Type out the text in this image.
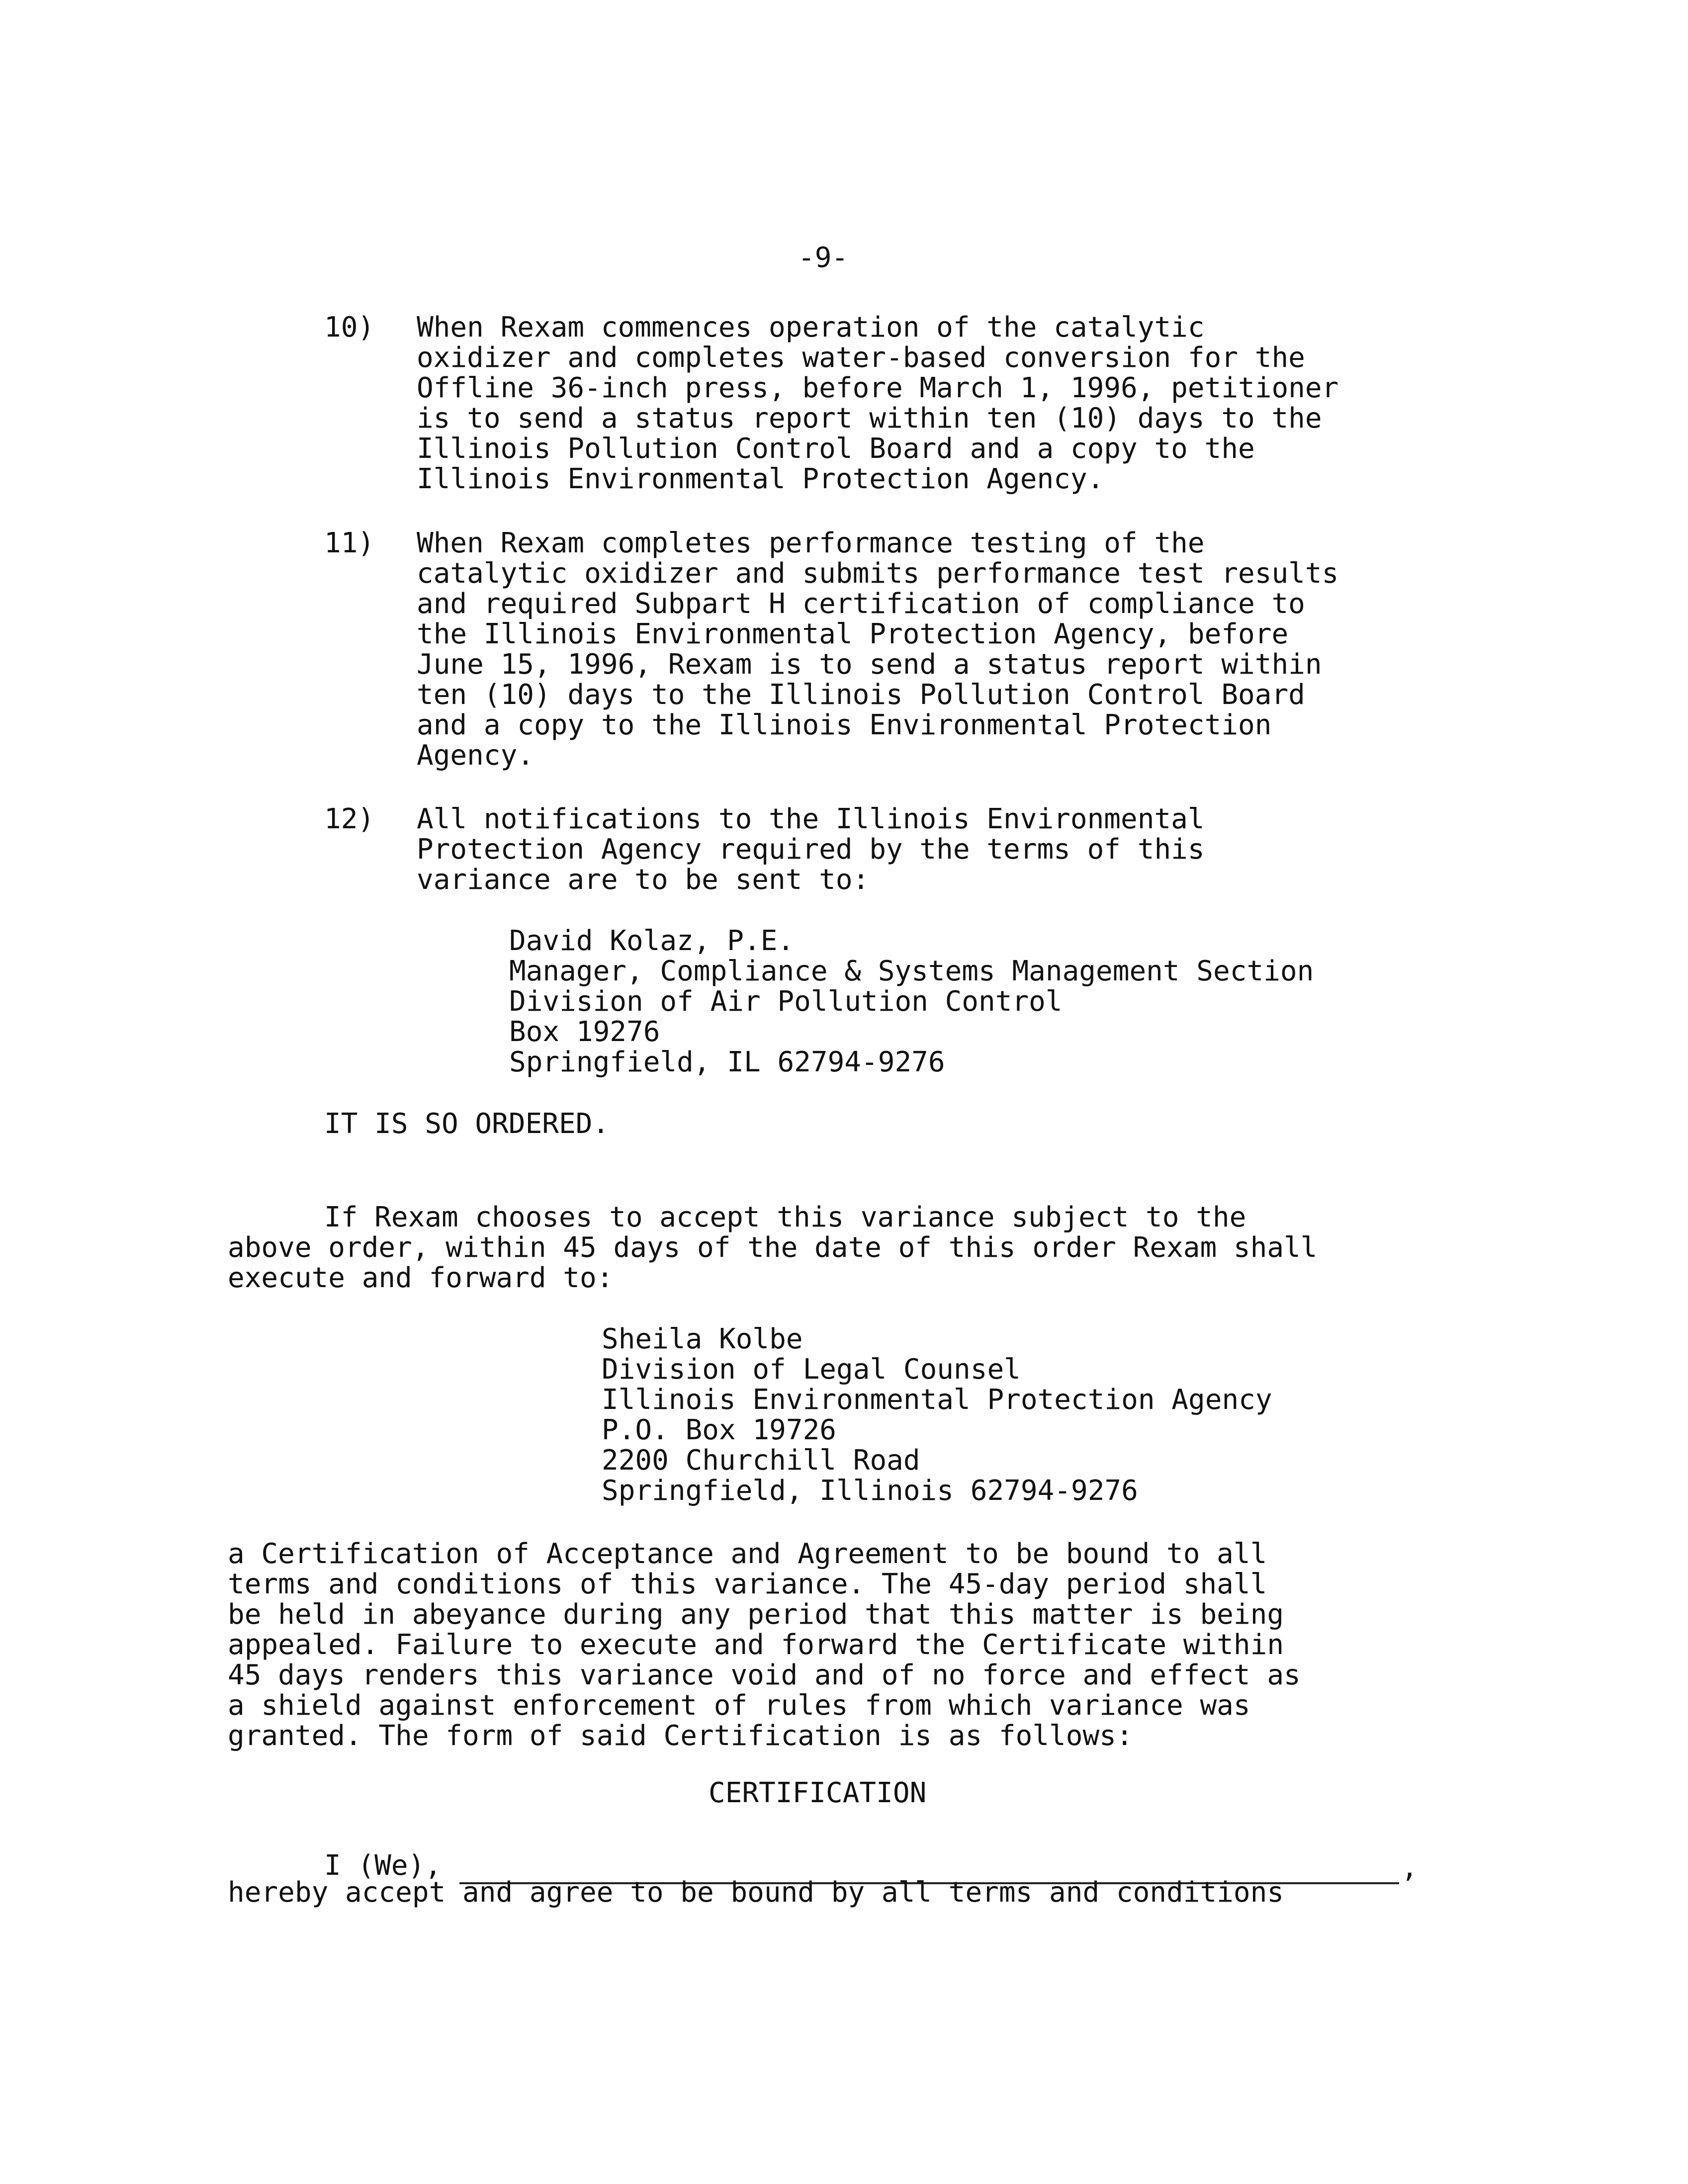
-9-
10) When Rexam commences operation of the catalytic
oxidizer and completes water-based conversion for the
Offline 36-inch press, before March 1, 1996, petitioner
is to send a status report within ten (10) days to the
Illinois Pollution Control Board and a copy to the
Illinois Environmental Protection Agency.
11) When Rexam completes performance testing of the
catalytic oxidizer and submits performance test results
and required Subpart H certification of compliance to
the Illinois Environmental Protection Agency, before
June 15, 1996, Rexam is to send a status report within
ten (10) days to the Illinois Pollution Control Board
and a copy to the Illinois Environmental Protection
Agency.
12) All notifications to the Illinois Environmental
Protection Agency required by the terms of this
variance are to be sent to:
David Kolaz, P.E.
Manager, Compliance & Systems Management Section
Division of Air Pollution Control
Box 19276
Springfield, IL 62794-9276
IT IS SO ORDERED.
If Rexam chooses to accept this variance subject to the
above order, within 45 days of the date of this order Rexam shall
execute and forward to:
Sheila Kolbe
Division of Legal Counsel
Illinois Environmental Protection Agency
P.O. Box 19726
2200 Churchill Road
Springfield, Illinois 62794-9276
a Certification of Acceptance and Agreement to be bound to all
terms and conditions of this variance. The 45-day period shall
be held in abeyance during any period that this matter is being
appealed. Failure to execute and forward the Certificate within
45 days renders this variance void and of no force and effect as
a shield against enforcement of rules from which variance was
granted. The form of said Certification is as follows:
CERTIFICATION
I (We),	,
hereby accept and agree to be bound by all terms and conditions
